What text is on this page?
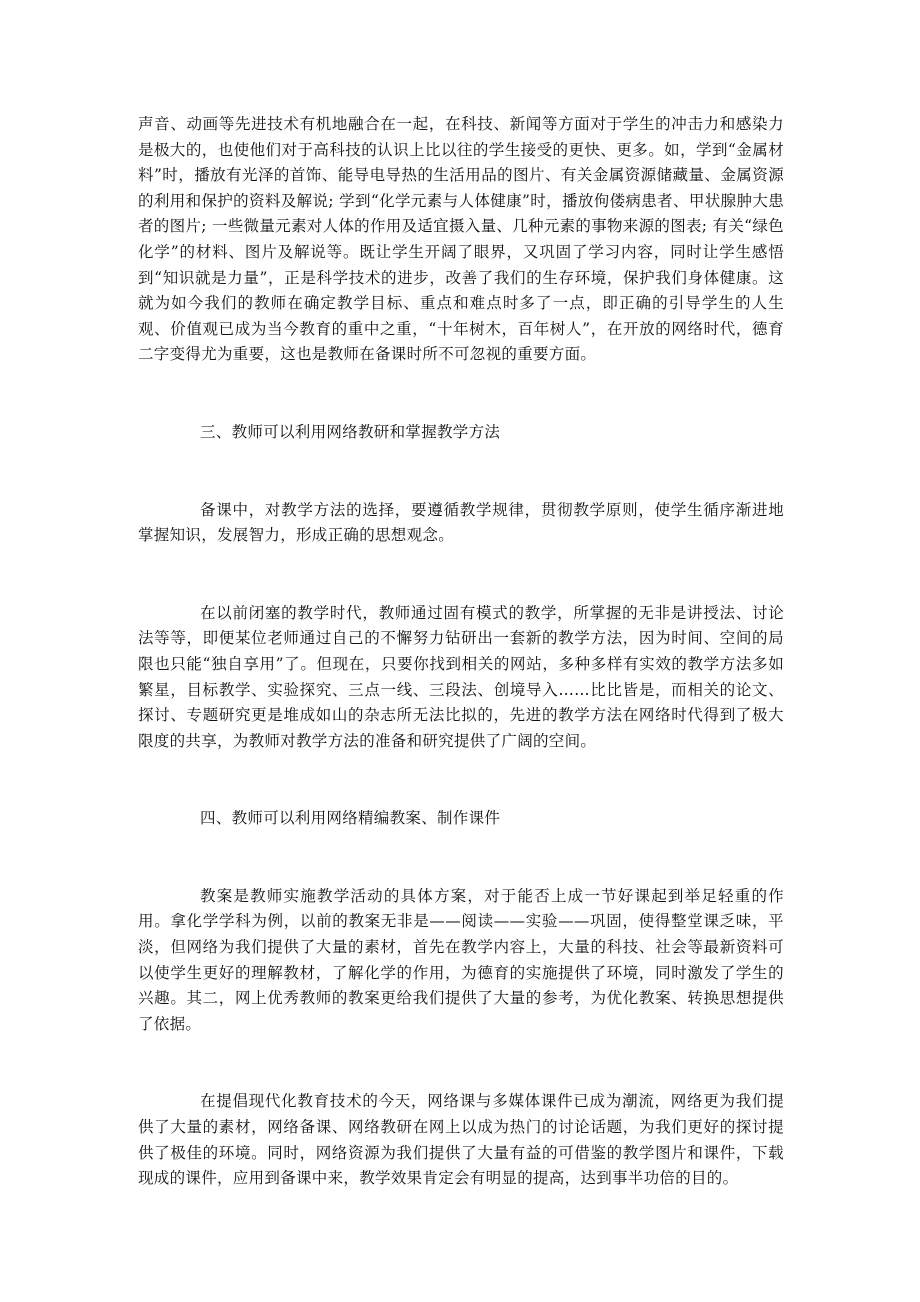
声音、动画等先进技术有机地融合在一起，在科技、新闻等方面对于学生的冲击力和感染力是极大的，也使他们对于高科技的认识上比以往的学生接受的更快、更多。如，学到“金属材料”时，播放有光泽的首饰、能导电导热的生活用品的图片、有关金属资源储藏量、金属资源的利用和保护的资料及解说; 学到“化学元素与人体健康”时，播放佝偻病患者、甲状腺肿大患者的图片; 一些微量元素对人体的作用及适宜摄入量、几种元素的事物来源的图表; 有关“绿色化学”的材料、图片及解说等。既让学生开阔了眼界，又巩固了学习内容，同时让学生感悟到“知识就是力量”，正是科学技术的进步，改善了我们的生存环境，保护我们身体健康。这就为如今我们的教师在确定教学目标、重点和难点时多了一点，即正确的引导学生的人生观、价值观已成为当今教育的重中之重，“十年树木，百年树人”，在开放的网络时代，德育二字变得尤为重要，这也是教师在备课时所不可忽视的重要方面。

三、教师可以利用网络教研和掌握教学方法

备课中，对教学方法的选择，要遵循教学规律，贯彻教学原则，使学生循序渐进地掌握知识，发展智力，形成正确的思想观念。

在以前闭塞的教学时代，教师通过固有模式的教学，所掌握的无非是讲授法、讨论法等等，即便某位老师通过自己的不懈努力钻研出一套新的教学方法，因为时间、空间的局限也只能“独自享用”了。但现在，只要你找到相关的网站，多种多样有实效的教学方法多如繁星，目标教学、实验探究、三点一线、三段法、创境导入……比比皆是，而相关的论文、探讨、专题研究更是堆成如山的杂志所无法比拟的，先进的教学方法在网络时代得到了极大限度的共享，为教师对教学方法的准备和研究提供了广阔的空间。

四、教师可以利用网络精编教案、制作课件

教案是教师实施教学活动的具体方案，对于能否上成一节好课起到举足轻重的作用。拿化学学科为例，以前的教案无非是——阅读——实验——巩固，使得整堂课乏味，平淡，但网络为我们提供了大量的素材，首先在教学内容上，大量的科技、社会等最新资料可以使学生更好的理解教材，了解化学的作用，为德育的实施提供了环境，同时激发了学生的兴趣。其二，网上优秀教师的教案更给我们提供了大量的参考，为优化教案、转换思想提供了依据。

在提倡现代化教育技术的今天，网络课与多媒体课件已成为潮流，网络更为我们提供了大量的素材，网络备课、网络教研在网上以成为热门的讨论话题，为我们更好的探讨提供了极佳的环境。同时，网络资源为我们提供了大量有益的可借鉴的教学图片和课件，下载现成的课件，应用到备课中来，教学效果肯定会有明显的提高，达到事半功倍的目的。
